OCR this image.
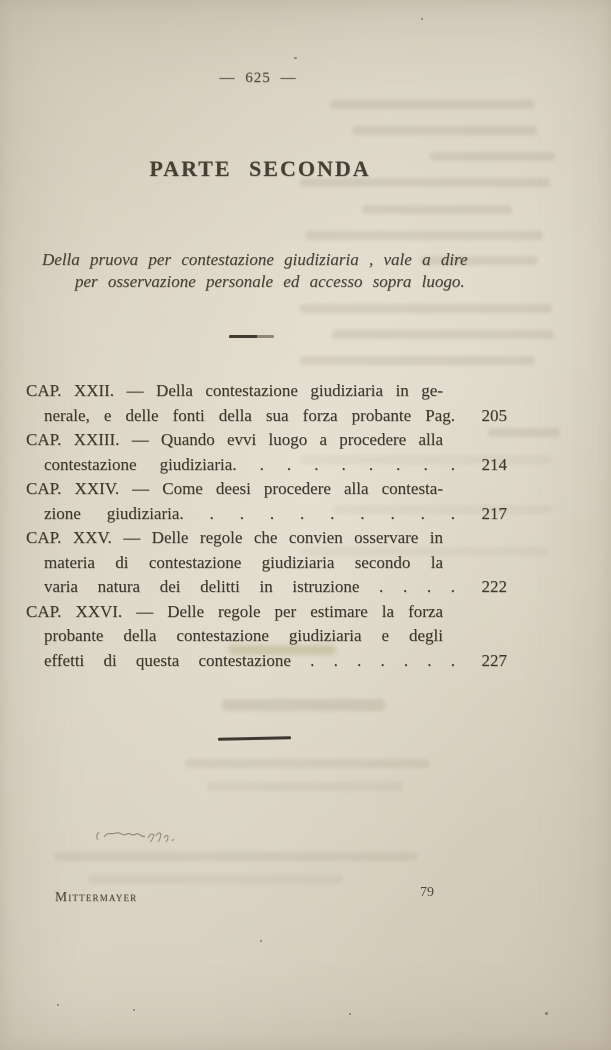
— 625 —
PARTE SECONDA

Della pruova per contestazione giudiziaria , vale a dire

per osservazione personale ed accesso sopra luogo.

CAP. XXII. — Della contestazione giudiziaria in ge-
nerale, e delle fonti della sua forza probante Pag. 205
CAP. XXIII. — Quando evvi luogo a procedere alla
contestazione giudiziaria. . . . . . . . . 214
CAP. XXIV. — Come deesi procedere alla contesta-
zione giudiziaria. . . . . . . . . . 217
CAP. XXV. — Delle regole che convien osservare in
materia di contestazione giudiziaria secondo la
varia natura dei delitti in istruzione . . . . 222
CAP. XXVI. — Delle regole per estimare la forza
probante della contestazione giudiziaria e degli
effetti di questa contestazione . . . . . . . 227
Mittermayer	79
